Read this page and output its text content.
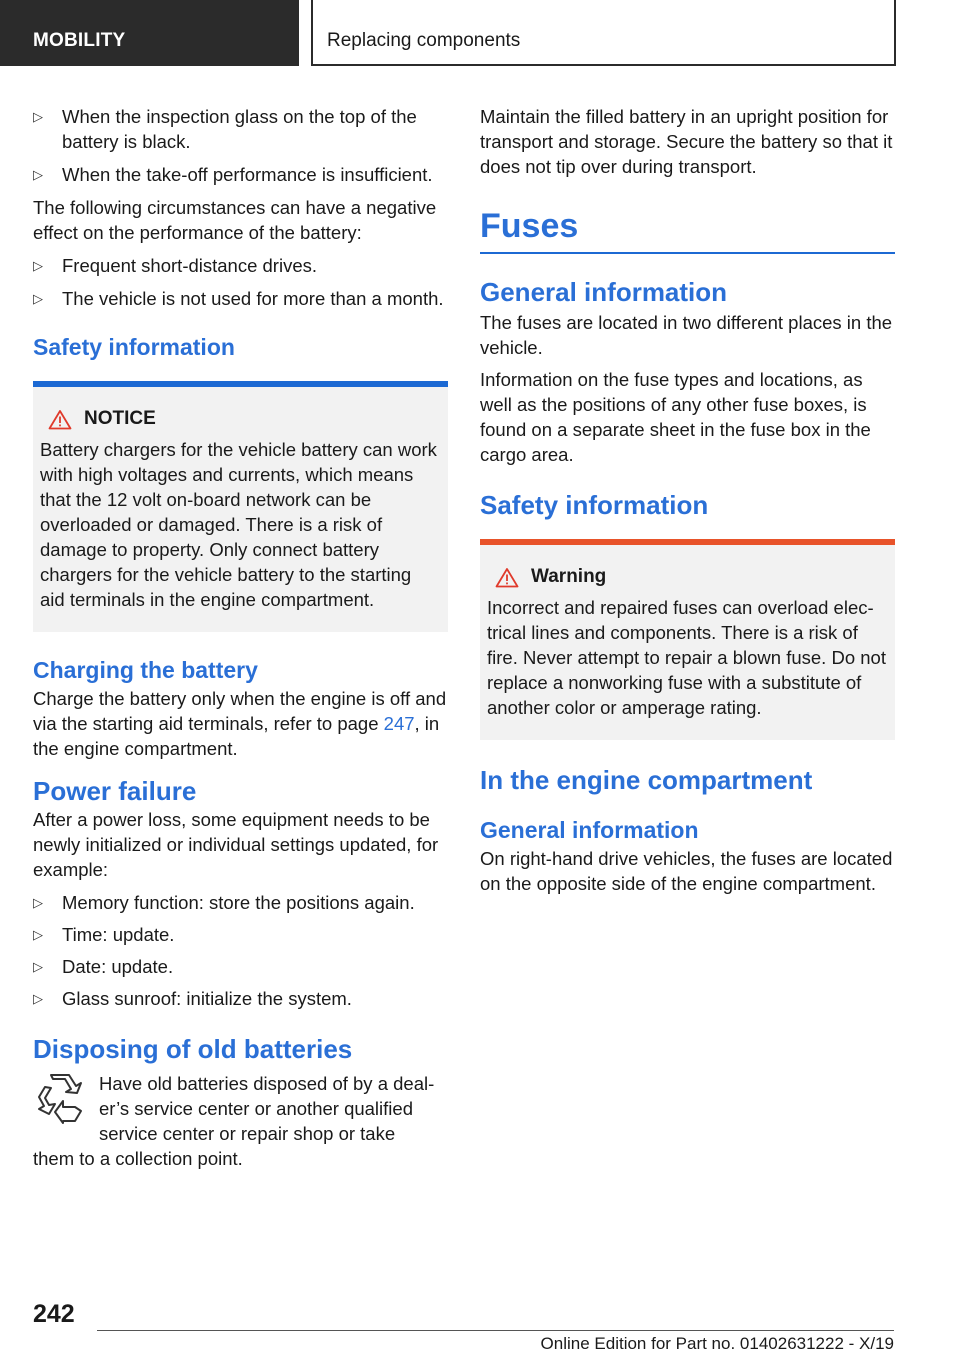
MOBILITY	Replacing components
▷ When the inspection glass on the top of the battery is black.
▷ When the take-off performance is insufficient.

The following circumstances can have a negative effect on the performance of the battery:

▷ Frequent short-distance drives.
▷ The vehicle is not used for more than a month.
Safety information
NOTICE

Battery chargers for the vehicle battery can work with high voltages and currents, which means that the 12 volt on-board network can be overloaded or damaged. There is a risk of damage to property. Only connect battery chargers for the vehicle battery to the starting aid terminals in the engine compartment.

Charging the battery

Charge the battery only when the engine is off and via the starting aid terminals, refer to page 247, in the engine compartment.

Power failure

After a power loss, some equipment needs to be newly initialized or individual settings updated, for example:

▷ Memory function: store the positions again.
▷ Time: update.
▷ Date: update.
▷ Glass sunroof: initialize the system.
Disposing of old batteries

Have old batteries disposed of by a dealer’s service center or another qualified service center or repair shop or take

them to a collection point.

Maintain the filled battery in an upright position for transport and storage. Secure the battery so that it does not tip over during transport.

Fuses
General information

The fuses are located in two different places in the vehicle.

Information on the fuse types and locations, as well as the positions of any other fuse boxes, is found on a separate sheet in the fuse box in the cargo area.

Safety information
Warning

Incorrect and repaired fuses can overload electrical lines and components. There is a risk of fire. Never attempt to repair a blown fuse. Do not replace a nonworking fuse with a substitute of another color or amperage rating.

In the engine compartment
General information

On right-hand drive vehicles, the fuses are located on the opposite side of the engine compartment.

242
Online Edition for Part no. 01402631222 - X/19
